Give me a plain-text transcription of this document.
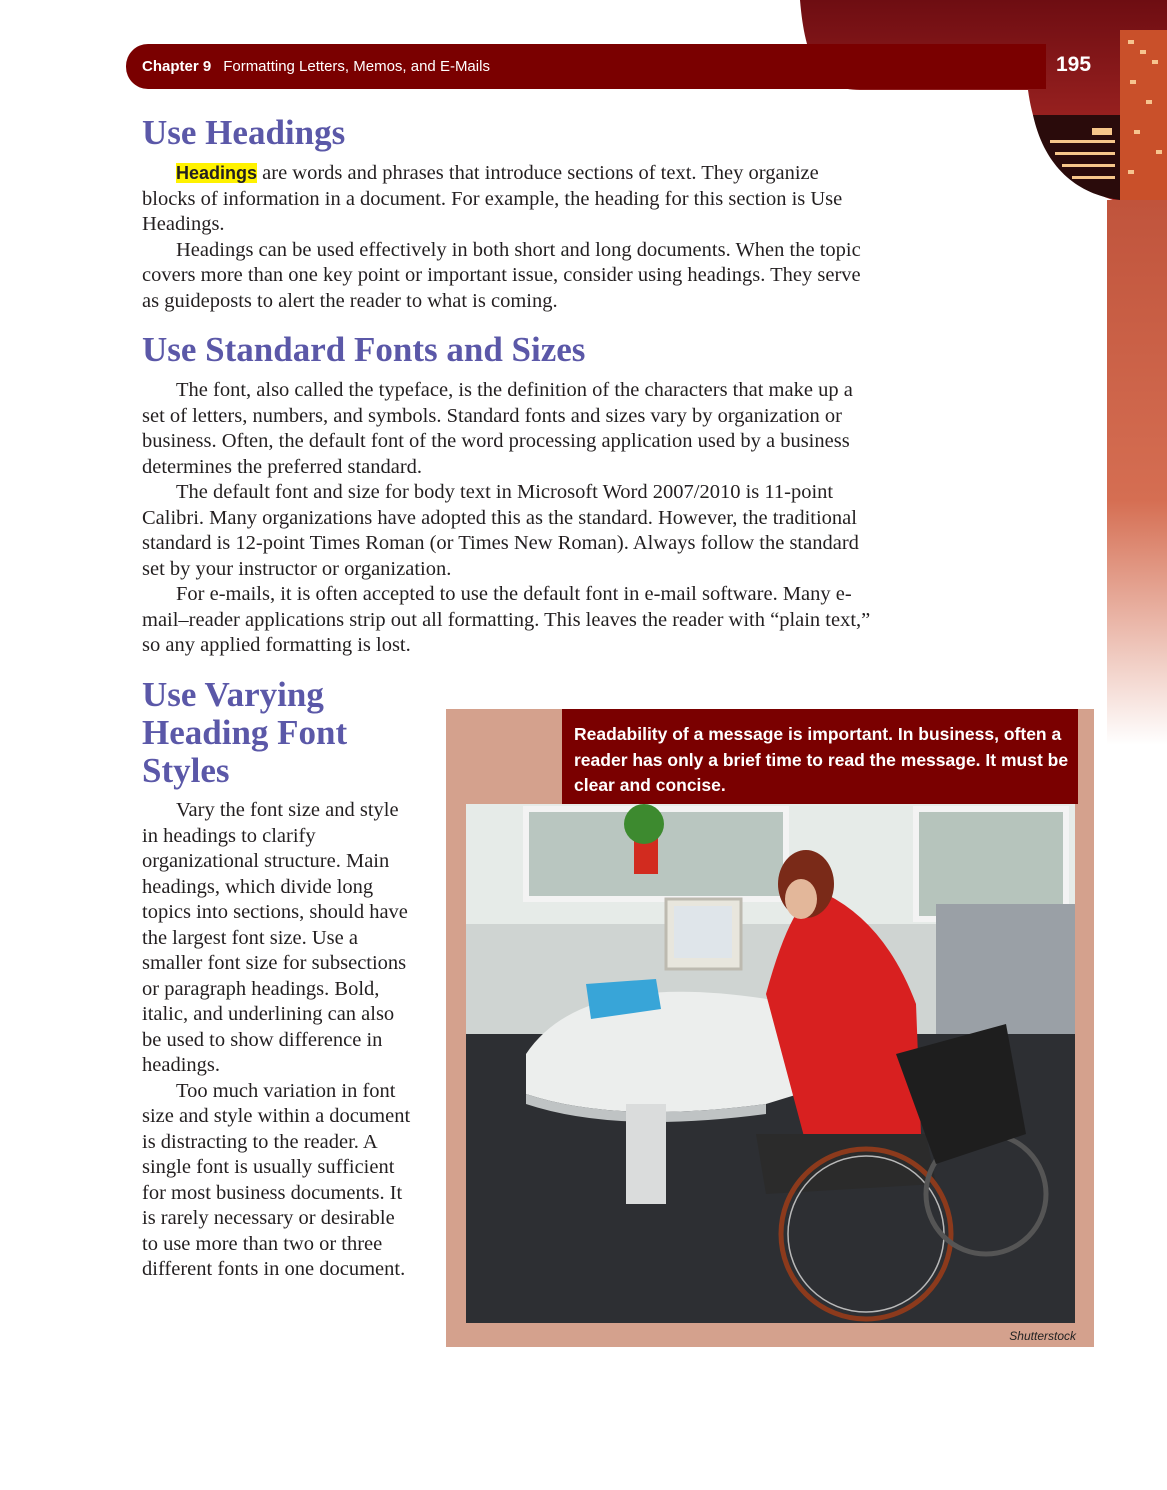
Chapter 9 Formatting Letters, Memos, and E-Mails	195
Use Headings

Headings are words and phrases that introduce sections of text. They organize blocks of information in a document. For example, the heading for this section is Use Headings.

Headings can be used effectively in both short and long documents. When the topic covers more than one key point or important issue, consider using headings. They serve as guideposts to alert the reader to what is coming.

Use Standard Fonts and Sizes

The font, also called the typeface, is the definition of the characters that make up a set of letters, numbers, and symbols. Standard fonts and sizes vary by organization or business. Often, the default font of the word processing application used by a business determines the preferred standard.

The default font and size for body text in Microsoft Word 2007/2010 is 11-point Calibri. Many organizations have adopted this as the standard. However, the traditional standard is 12-point Times Roman (or Times New Roman). Always follow the standard set by your instructor or organization.

For e-mails, it is often accepted to use the default font in e-mail software. Many e-mail–reader applications strip out all formatting. This leaves the reader with “plain text,” so any applied formatting is lost.

Use Varying Heading Font Styles

Vary the font size and style in headings to clarify organizational structure. Main headings, which divide long topics into sections, should have the largest font size. Use a smaller font size for subsections or paragraph headings. Bold, italic, and underlining can also be used to show difference in headings.

Too much variation in font size and style within a document is distracting to the reader. A single font is usually sufficient for most business documents. It is rarely necessary or desirable to use more than two or three different fonts in one document.

Readability of a message is important. In business, often a reader has only a brief time to read the message. It must be clear and concise.
Shutterstock
